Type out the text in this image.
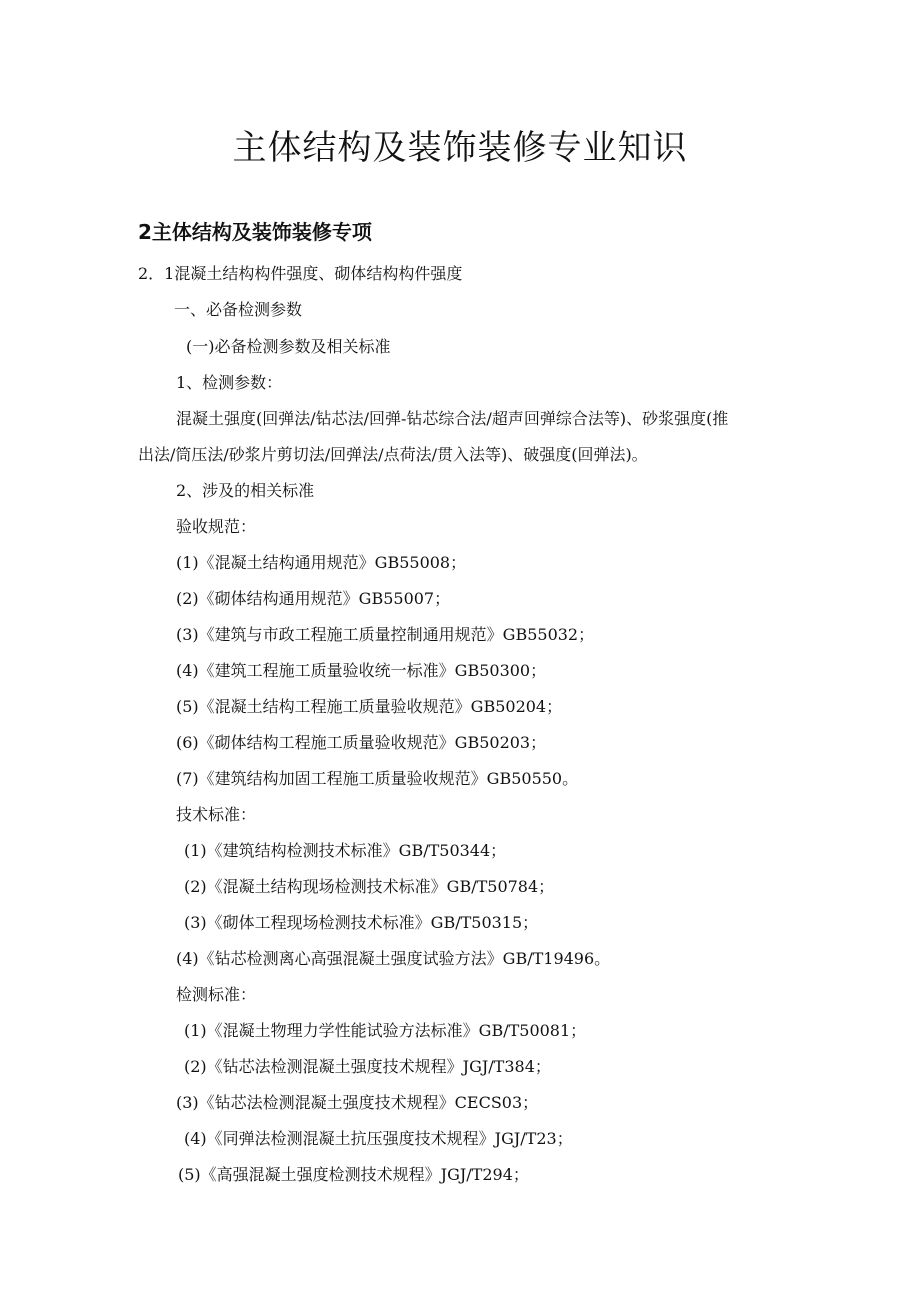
主体结构及装饰装修专业知识
2主体结构及装饰装修专项

2．1混凝土结构构件强度、砌体结构构件强度

一、必备检测参数

(一)必备检测参数及相关标准

1、检测参数：

混凝土强度(回弹法/钻芯法/回弹-钻芯综合法/超声回弹综合法等)、砂浆强度(推

出法/筒压法/砂浆片剪切法/回弹法/点荷法/贯入法等)、破强度(回弹法)。

2、涉及的相关标准

验收规范：

(1)《混凝土结构通用规范》GB55008；

(2)《砌体结构通用规范》GB55007；

(3)《建筑与市政工程施工质量控制通用规范》GB55032；

(4)《建筑工程施工质量验收统一标准》GB50300；

(5)《混凝土结构工程施工质量验收规范》GB50204；

(6)《砌体结构工程施工质量验收规范》GB50203；

(7)《建筑结构加固工程施工质量验收规范》GB50550。

技术标准：

(1)《建筑结构检测技术标准》GB/T50344；

(2)《混凝土结构现场检测技术标准》GB/T50784；

(3)《砌体工程现场检测技术标准》GB/T50315；

(4)《钻芯检测离心高强混凝土强度试验方法》GB/T19496。

检测标准：

(1)《混凝土物理力学性能试验方法标准》GB/T50081；

(2)《钻芯法检测混凝土强度技术规程》JGJ/T384；

(3)《钻芯法检测混凝土强度技术规程》CECS03；

(4)《同弹法检测混凝土抗压强度技术规程》JGJ/T23；

(5)《高强混凝土强度检测技术规程》JGJ/T294；
